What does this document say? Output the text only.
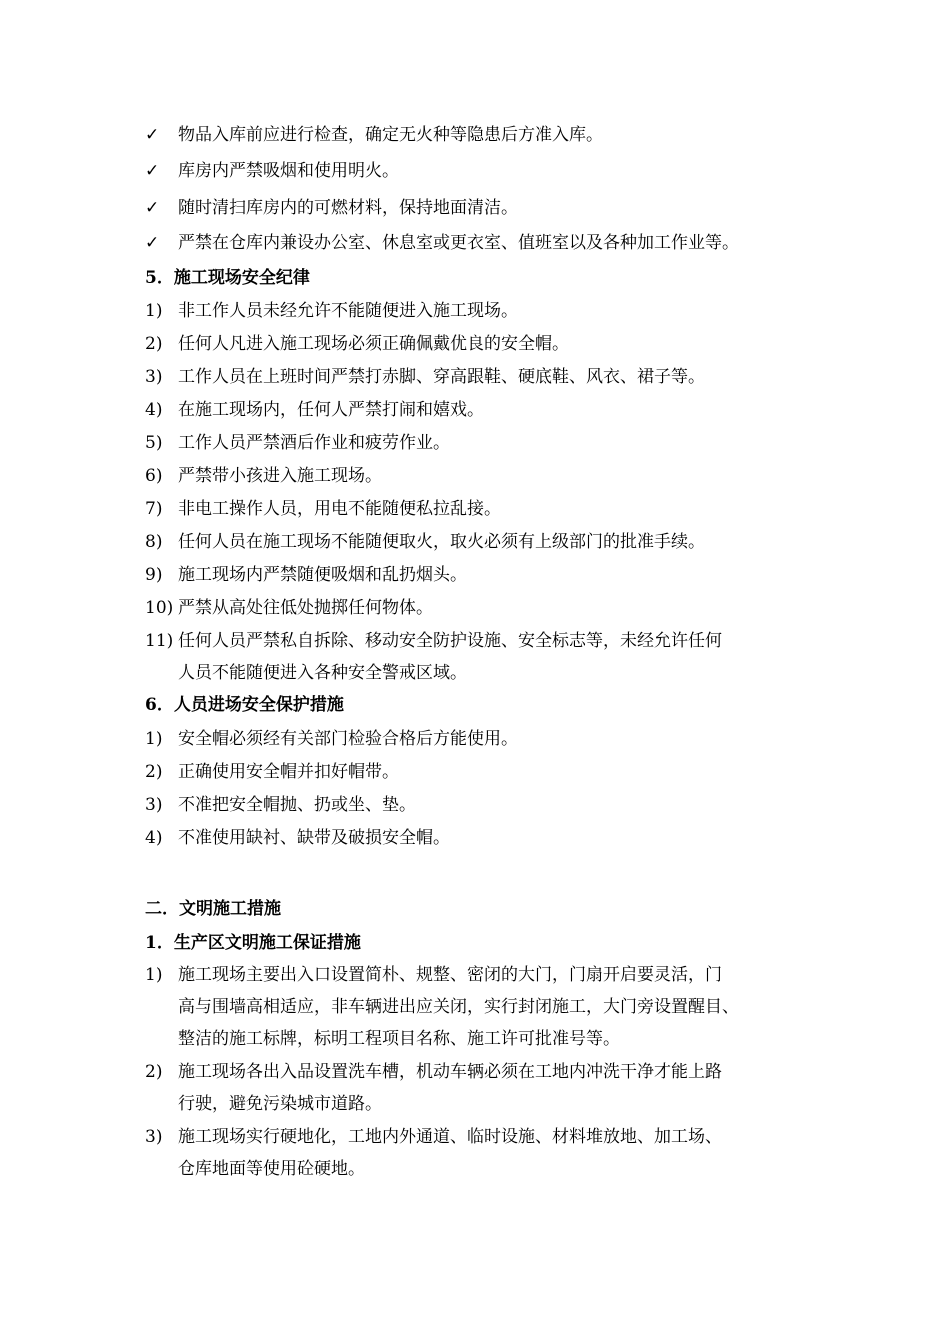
✓ 物品入库前应进行检查，确定无火种等隐患后方准入库。
✓ 库房内严禁吸烟和使用明火。
✓ 随时清扫库房内的可燃材料，保持地面清洁。
✓ 严禁在仓库内兼设办公室、休息室或更衣室、值班室以及各种加工作业等。
5．施工现场安全纪律
1) 非工作人员未经允许不能随便进入施工现场。
2) 任何人凡进入施工现场必须正确佩戴优良的安全帽。
3) 工作人员在上班时间严禁打赤脚、穿高跟鞋、硬底鞋、风衣、裙子等。
4) 在施工现场内，任何人严禁打闹和嬉戏。
5) 工作人员严禁酒后作业和疲劳作业。
6) 严禁带小孩进入施工现场。
7) 非电工操作人员，用电不能随便私拉乱接。
8) 任何人员在施工现场不能随便取火，取火必须有上级部门的批准手续。
9) 施工现场内严禁随便吸烟和乱扔烟头。
10) 严禁从高处往低处抛掷任何物体。
11) 任何人员严禁私自拆除、移动安全防护设施、安全标志等，未经允许任何
人员不能随便进入各种安全警戒区域。
6．人员进场安全保护措施
1) 安全帽必须经有关部门检验合格后方能使用。
2) 正确使用安全帽并扣好帽带。
3) 不准把安全帽抛、扔或坐、垫。
4) 不准使用缺衬、缺带及破损安全帽。
二．文明施工措施
1．生产区文明施工保证措施
1) 施工现场主要出入口设置简朴、规整、密闭的大门，门扇开启要灵活，门
高与围墙高相适应，非车辆进出应关闭，实行封闭施工，大门旁设置醒目、
整洁的施工标牌，标明工程项目名称、施工许可批准号等。
2) 施工现场各出入品设置洗车槽，机动车辆必须在工地内冲洗干净才能上路
行驶，避免污染城市道路。
3) 施工现场实行硬地化，工地内外通道、临时设施、材料堆放地、加工场、
仓库地面等使用砼硬地。
